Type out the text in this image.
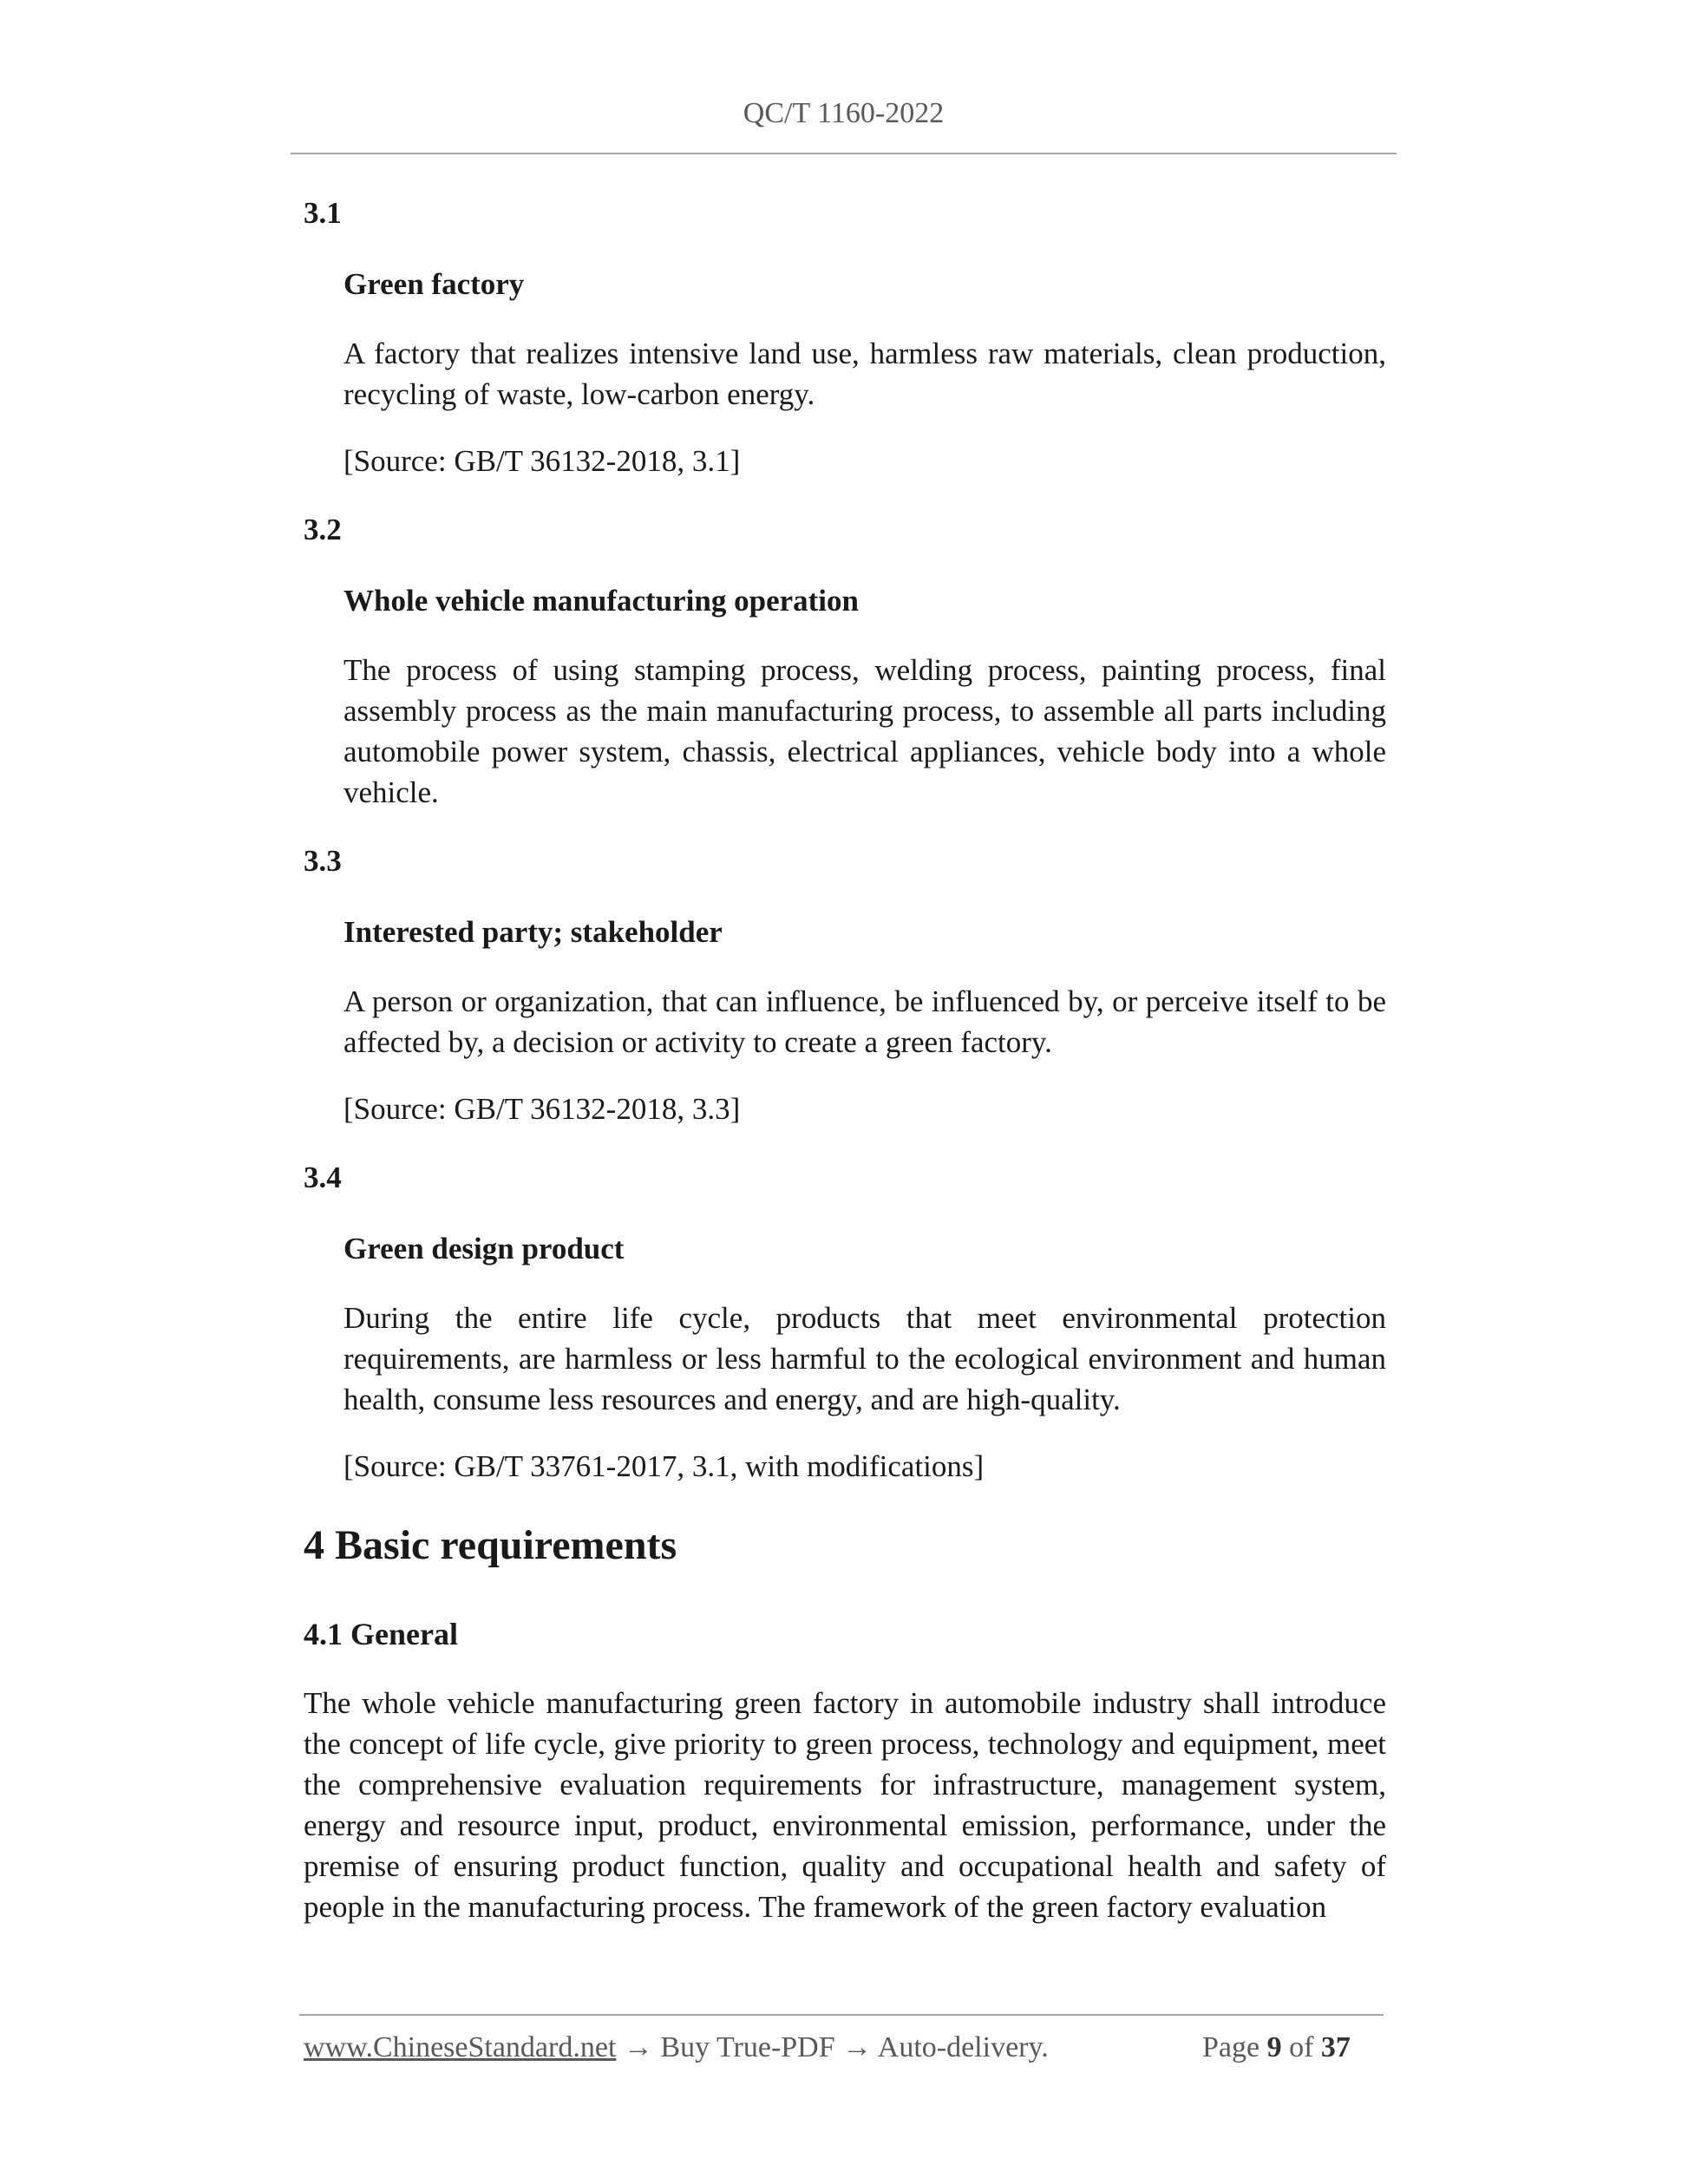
QC/T 1160-2022
3.1
Green factory
A factory that realizes intensive land use, harmless raw materials, clean production, recycling of waste, low-carbon energy.
[Source: GB/T 36132-2018, 3.1]
3.2
Whole vehicle manufacturing operation
The process of using stamping process, welding process, painting process, final assembly process as the main manufacturing process, to assemble all parts including automobile power system, chassis, electrical appliances, vehicle body into a whole vehicle.
3.3
Interested party; stakeholder
A person or organization, that can influence, be influenced by, or perceive itself to be affected by, a decision or activity to create a green factory.
[Source: GB/T 36132-2018, 3.3]
3.4
Green design product
During the entire life cycle, products that meet environmental protection requirements, are harmless or less harmful to the ecological environment and human health, consume less resources and energy, and are high-quality.
[Source: GB/T 33761-2017, 3.1, with modifications]
4 Basic requirements
4.1 General
The whole vehicle manufacturing green factory in automobile industry shall introduce the concept of life cycle, give priority to green process, technology and equipment, meet the comprehensive evaluation requirements for infrastructure, management system, energy and resource input, product, environmental emission, performance, under the premise of ensuring product function, quality and occupational health and safety of people in the manufacturing process. The framework of the green factory evaluation
www.ChineseStandard.net → Buy True-PDF → Auto-delivery.	Page 9 of 37
